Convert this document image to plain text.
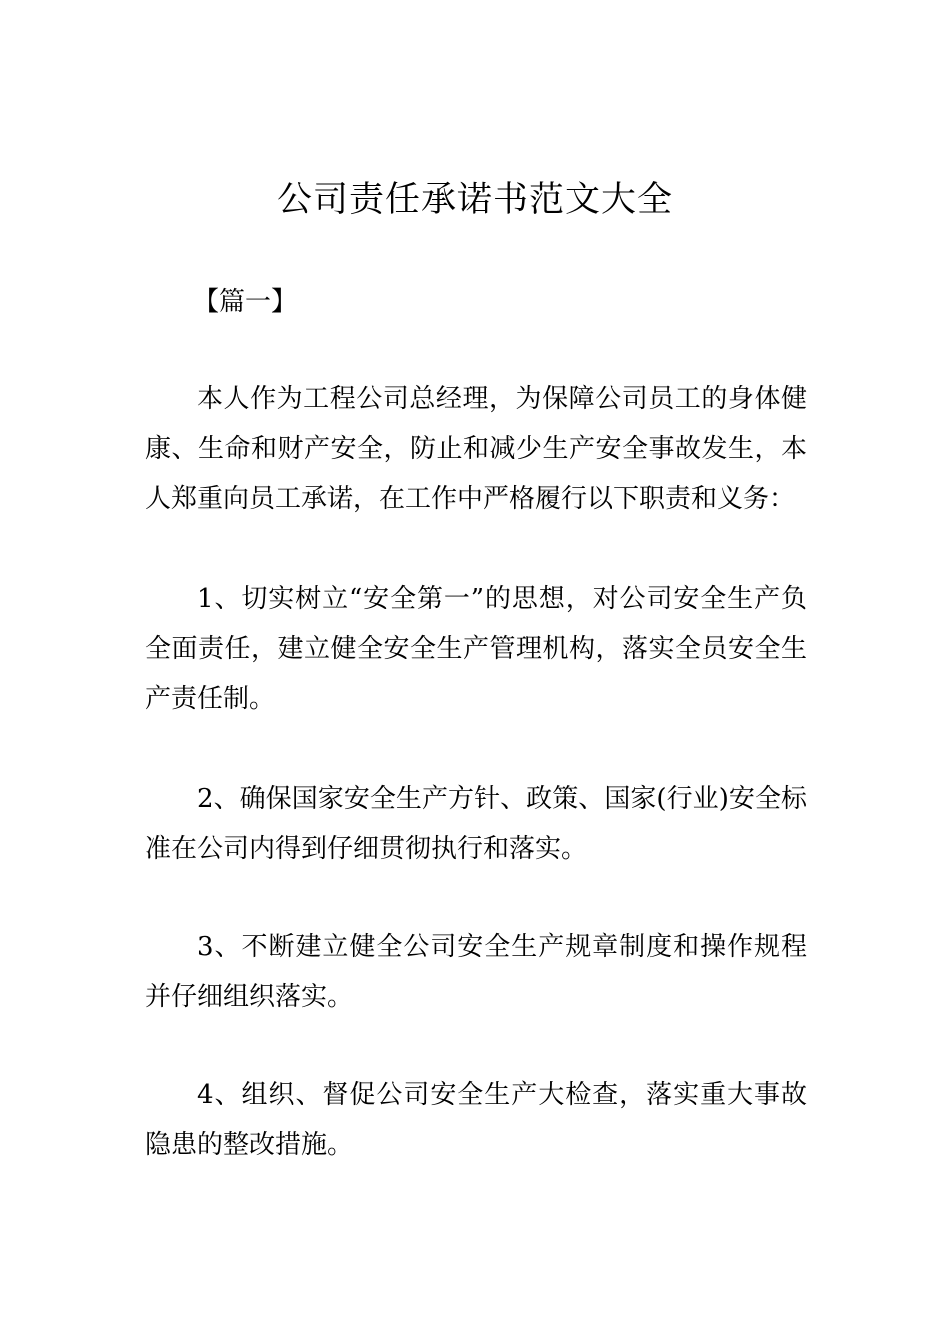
公司责任承诺书范文大全

【篇一】

本人作为工程公司总经理，为保障公司员工的身体健康、生命和财产安全，防止和减少生产安全事故发生，本人郑重向员工承诺，在工作中严格履行以下职责和义务：

1、切实树立“安全第一”的思想，对公司安全生产负全面责任，建立健全安全生产管理机构，落实全员安全生产责任制。

2、确保国家安全生产方针、政策、国家(行业)安全标准在公司内得到仔细贯彻执行和落实。

3、不断建立健全公司安全生产规章制度和操作规程并仔细组织落实。

4、组织、督促公司安全生产大检查，落实重大事故隐患的整改措施。
